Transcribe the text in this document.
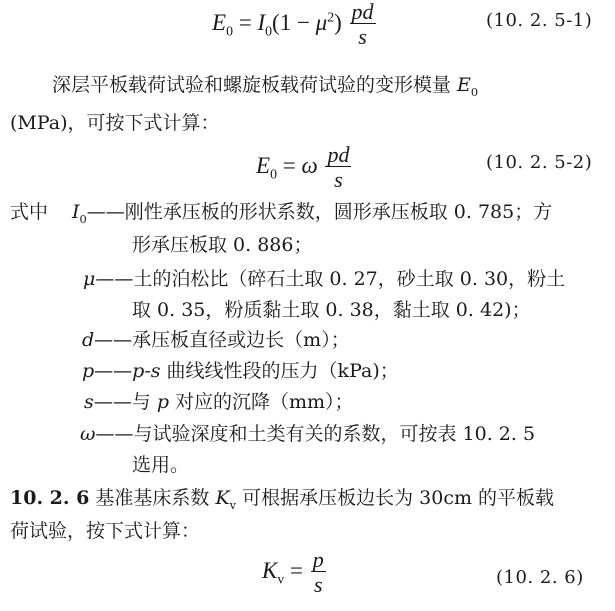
$E_0 = I_0(1 - \mu^2) \frac{pd}{s}$	(10. 2. 5-1)
深层平板载荷试验和螺旋板载荷试验的变形模量 $E_0$
(MPa)，可按下式计算：
$E_0 = \omega \frac{pd}{s}$	(10. 2. 5-2)
式中 $I_0——$刚性承压板的形状系数，圆形承压板取 0. 785；方
形承压板取 0. 886；
μ——土的泊松比（碎石土取 0. 27，砂土取 0. 30，粉土
取 0. 35，粉质黏土取 0. 38，黏土取 0. 42)；
d——承压板直径或边长（m）；
p——p-s 曲线线性段的压力（kPa)；
s——与 p 对应的沉降（mm）；
ω——与试验深度和土类有关的系数，可按表 10. 2. 5
选用。
10. 2. 6 基准基床系数 $K_v$ 可根据承压板边长为 30cm 的平板载
荷试验，按下式计算：
$K_v = \frac{p}{s}$	(10. 2. 6)
